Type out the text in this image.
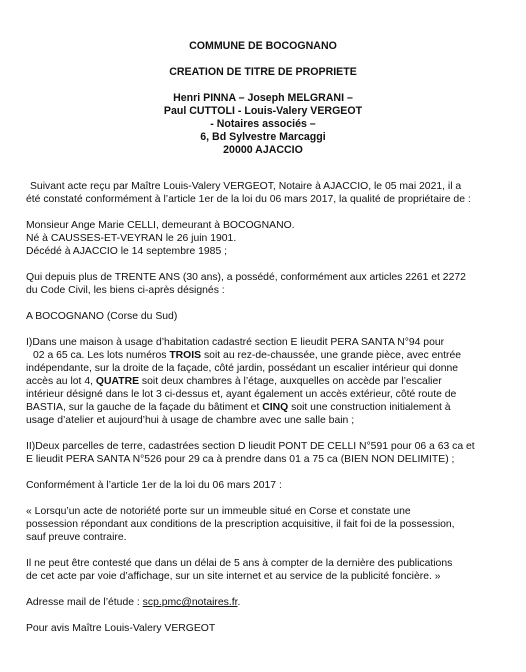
COMMUNE DE BOCOGNANO
CREATION DE TITRE DE PROPRIETE
Henri PINNA – Joseph MELGRANI –
Paul CUTTOLI - Louis-Valery VERGEOT
- Notaires associés –
6, Bd Sylvestre Marcaggi
20000 AJACCIO
Suivant acte reçu par Maître Louis-Valery VERGEOT, Notaire à AJACCIO, le 05 mai 2021, il a
été constaté conformément à l’article 1er de la loi du 06 mars 2017, la qualité de propriétaire de :
Monsieur Ange Marie CELLI, demeurant à BOCOGNANO.
Né à CAUSSES-ET-VEYRAN le 26 juin 1901.
Décédé à AJACCIO le 14 septembre 1985 ;
Qui depuis plus de TRENTE ANS (30 ans), a possédé, conformément aux articles 2261 et 2272
du Code Civil, les biens ci-après désignés :
A BOCOGNANO (Corse du Sud)
I)Dans une maison à usage d’habitation cadastré section E lieudit PERA SANTA N°94 pour
02 a 65 ca. Les lots numéros TROIS soit au rez-de-chaussée, une grande pièce, avec entrée
indépendante, sur la droite de la façade, côté jardin, possédant un escalier intérieur qui donne
accès au lot 4, QUATRE soit deux chambres à l’étage, auxquelles on accède par l’escalier
intérieur désigné dans le lot 3 ci-dessus et, ayant également un accès extérieur, côté route de
BASTIA, sur la gauche de la façade du bâtiment et CINQ soit une construction initialement à
usage d’atelier et aujourd’hui à usage de chambre avec une salle bain ;
II)Deux parcelles de terre, cadastrées section D lieudit PONT DE CELLI N°591 pour 06 a 63 ca et
E lieudit PERA SANTA N°526 pour 29 ca à prendre dans 01 a 75 ca (BIEN NON DELIMITE) ;
Conformément à l’article 1er de la loi du 06 mars 2017 :
« Lorsqu’un acte de notoriété porte sur un immeuble situé en Corse et constate une
possession répondant aux conditions de la prescription acquisitive, il fait foi de la possession,
sauf preuve contraire.
Il ne peut être contesté que dans un délai de 5 ans à compter de la dernière des publications
de cet acte par voie d’affichage, sur un site internet et au service de la publicité foncière. »
Adresse mail de l’étude : scp.pmc@notaires.fr.
Pour avis Maître Louis-Valery VERGEOT
